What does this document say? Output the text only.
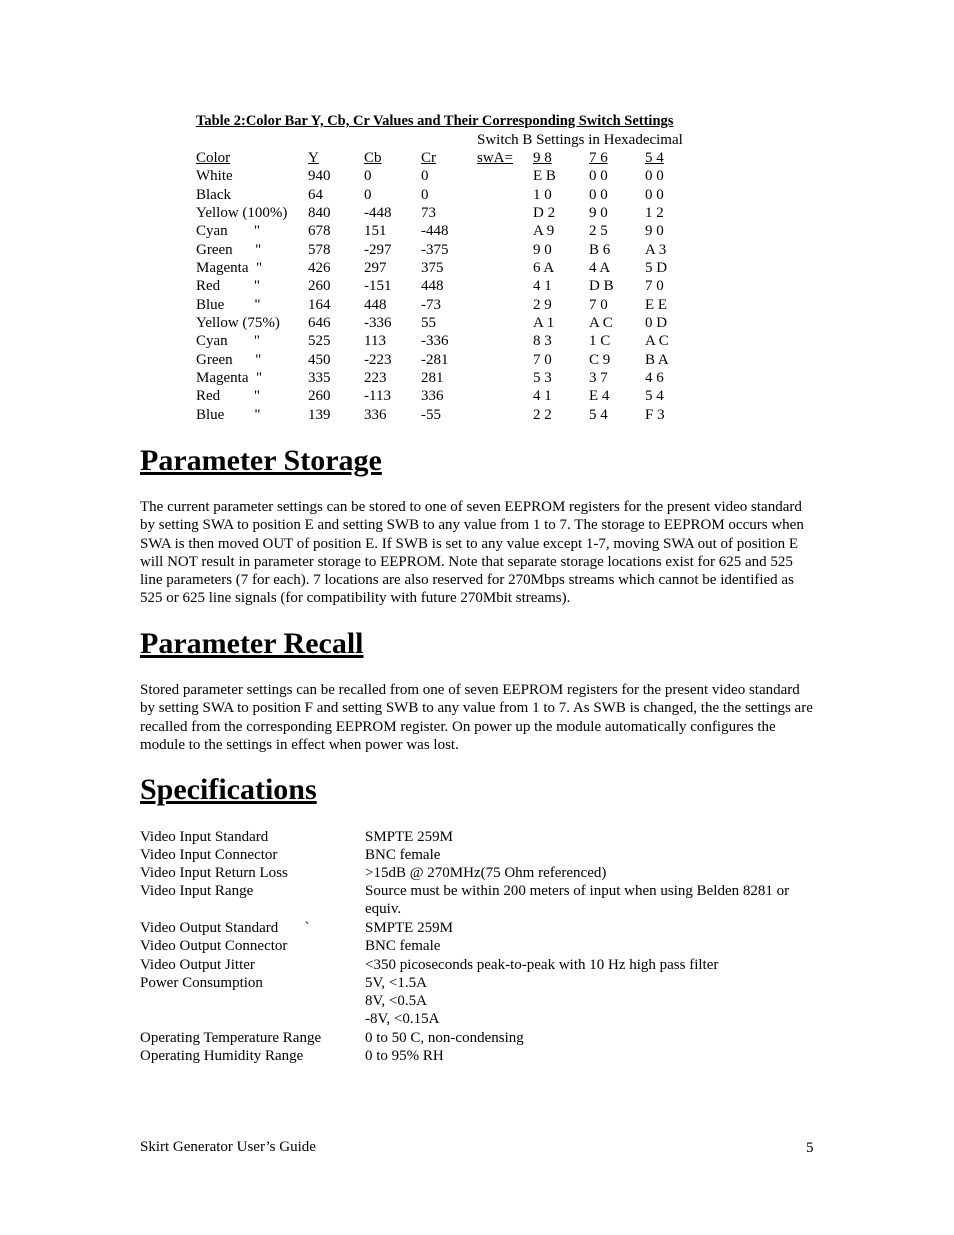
Table 2:Color Bar Y, Cb, Cr Values and Their Corresponding Switch Settings
Switch B Settings in Hexadecimal
Color	Y	Cb	Cr	swA=	9 8	7 6	5 4
White	940	0	0		E B	0 0	0 0
Black	64	0	0		1 0	0 0	0 0
Yellow (100%)	840	-448	73		D 2	9 0	1 2
Cyan       "	678	151	-448		A 9	2 5	9 0
Green      "	578	-297	-375		9 0	B 6	A 3
Magenta  "	426	297	375		6 A	4 A	5 D
Red         "	260	-151	448		4 1	D B	7 0
Blue        "	164	448	-73		2 9	7 0	E E
Yellow (75%)	646	-336	55		A 1	A C	0 D
Cyan       "	525	113	-336		8 3	1 C	A C
Green      "	450	-223	-281		7 0	C 9	B A
Magenta  "	335	223	281		5 3	3 7	4 6
Red         "	260	-113	336		4 1	E 4	5 4
Blue        "	139	336	-55		2 2	5 4	F 3
Parameter Storage
The current parameter settings can be stored to one of seven EEPROM registers for the present video standard by setting SWA to position E and setting SWB to any value from 1 to 7. The storage to EEPROM occurs when SWA is then moved OUT of position E. If SWB is set to any value except 1-7, moving SWA out of position E will NOT result in parameter storage to EEPROM. Note that separate storage locations exist for 625 and 525 line parameters (7 for each). 7 locations are also reserved for 270Mbps streams which cannot be identified as 525 or 625 line signals (for compatibility with future 270Mbit streams).
Parameter Recall
Stored parameter settings can be recalled from one of seven EEPROM registers for the present video standard by setting SWA to position F and setting SWB to any value from 1 to 7. As SWB is changed, the the settings are recalled from the corresponding EEPROM register. On power up the module automatically configures the module to the settings in effect when power was lost.
Specifications
Video Input Standard	SMPTE 259M
Video Input Connector	BNC female
Video Input Return Loss	>15dB @ 270MHz(75 Ohm referenced)
Video Input Range	Source must be within 200 meters of input when using Belden 8281 or equiv.
Video Output Standard       `	SMPTE 259M
Video Output Connector	BNC female
Video Output Jitter	<350 picoseconds peak-to-peak with 10 Hz high pass filter
Power Consumption	5V, <1.5A
8V, <0.5A
-8V, <0.15A
Operating Temperature Range	0 to 50 C, non-condensing
Operating Humidity Range	0 to 95% RH
Skirt Generator User’s Guide	5
